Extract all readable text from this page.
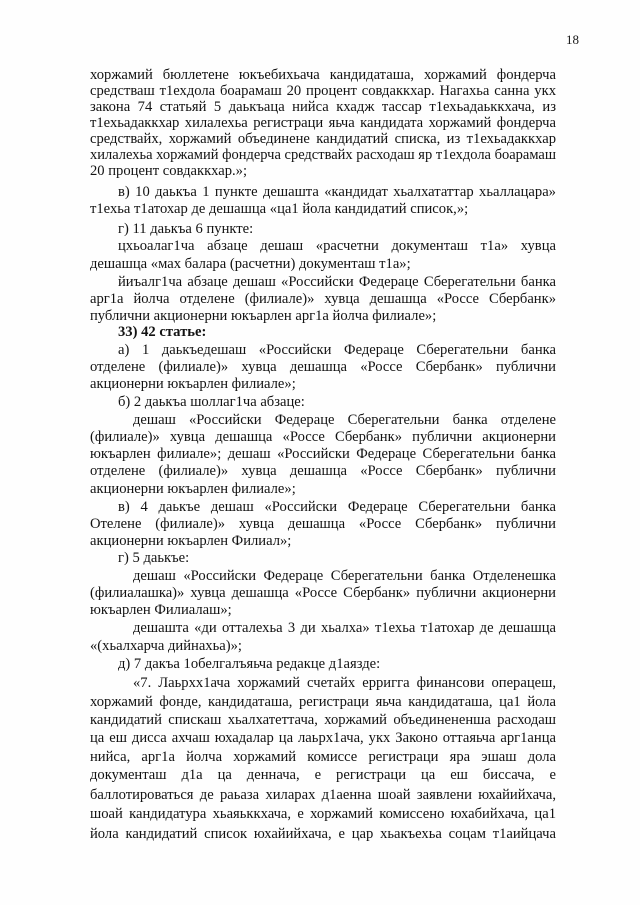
18
хоржамий бюллетене юкъебихьача кандидаташа, хоржамий фондерча
средстваш т1ехдола боарамаш 20 процент совдаккхар. Нагахьа санна укх
закона 74 статьяй 5 даькъаца нийса кхадж тассар т1ехьадаьккхача, из
т1ехьадаккхар хилалехьа регистраци яьча кандидата хоржамий фондерча
средствайх, хоржамий объединене кандидатий списка, из т1ехьадаккхар
хилалехьа хоржамий фондерча средствайх расходаш яр т1ехдола боарамаш
20 процент совдаккхар.»;
в) 10 даькъа 1 пункте дешашта «кандидат хьалхататтар хьаллацара»
т1ехьа т1атохар де дешашца «ца1 йола кандидатий список,»;
г) 11 даькъа 6 пункте:
цхьоалаг1ча абзаце дешаш «расчетни документаш т1а» хувца
дешашца «мах балара (расчетни) документаш т1а»;
йиъалг1ча абзаце дешаш «Российски Федераце Сберегательни банка
арг1а йолча отделене (филиале)» хувца дешашца «Россе Сбербанк»
публични акционерни юкъарлен арг1а йолча филиале»;
33) 42 статье:
а) 1 даькъедешаш «Российски Федераце Сберегательни банка
отделене (филиале)» хувца дешашца «Россе Сбербанк» публични
акционерни юкъарлен филиале»;
б) 2 даькъа шоллаг1ча абзаце:
дешаш «Российски Федераце Сберегательни банка отделене
(филиале)» хувца дешашца «Россе Сбербанк» публични акционерни
юкъарлен филиале»; дешаш «Российски Федераце Сберегательни банка
отделене (филиале)» хувца дешашца «Россе Сбербанк» публични
акционерни юкъарлен филиале»;
в) 4 даькъе дешаш «Российски Федераце Сберегательни банка
Отелене (филиале)» хувца дешашца «Россе Сбербанк» публични
акционерни юкъарлен Филиал»;
г) 5 даькъе:
дешаш «Российски Федераце Сберегательни банка Отделенешка
(филиалашка)» хувца дешашца «Россе Сбербанк» публични акционерни
юкъарлен Филиалаш»;
дешашта «ди отталехьа 3 ди хьалха» т1ехьа т1атохар де дешашца
«(хьалхарча дийнахьа)»;
д) 7 дакъа 1обелгалъяьча редакце д1аязде:
«7. Лаьрхх1ача хоржамий счетайх ерригга финансови операцеш,
хоржамий фонде, кандидаташа, регистраци яьча кандидаташа, ца1 йола
кандидатий спискаш хьалхатеттача, хоржамий объединененша расходаш
ца еш дисса ахчаш юхадалар ца лаьрх1ача, укх Законо оттаяьча арг1анца
нийса, арг1а йолча хоржамий комиссе регистраци яра эшаш дола
документаш д1а ца деннача, е регистраци ца еш биссача, е
баллотироваться де раьаза хиларах д1аенна шоай заявлени юхайийхача,
шоай кандидатура хьаяьккхача, е хоржамий комиссено юхабийхача, ца1
йола кандидатий список юхайийхача, е цар хьакъехьа соцам т1аийцача
